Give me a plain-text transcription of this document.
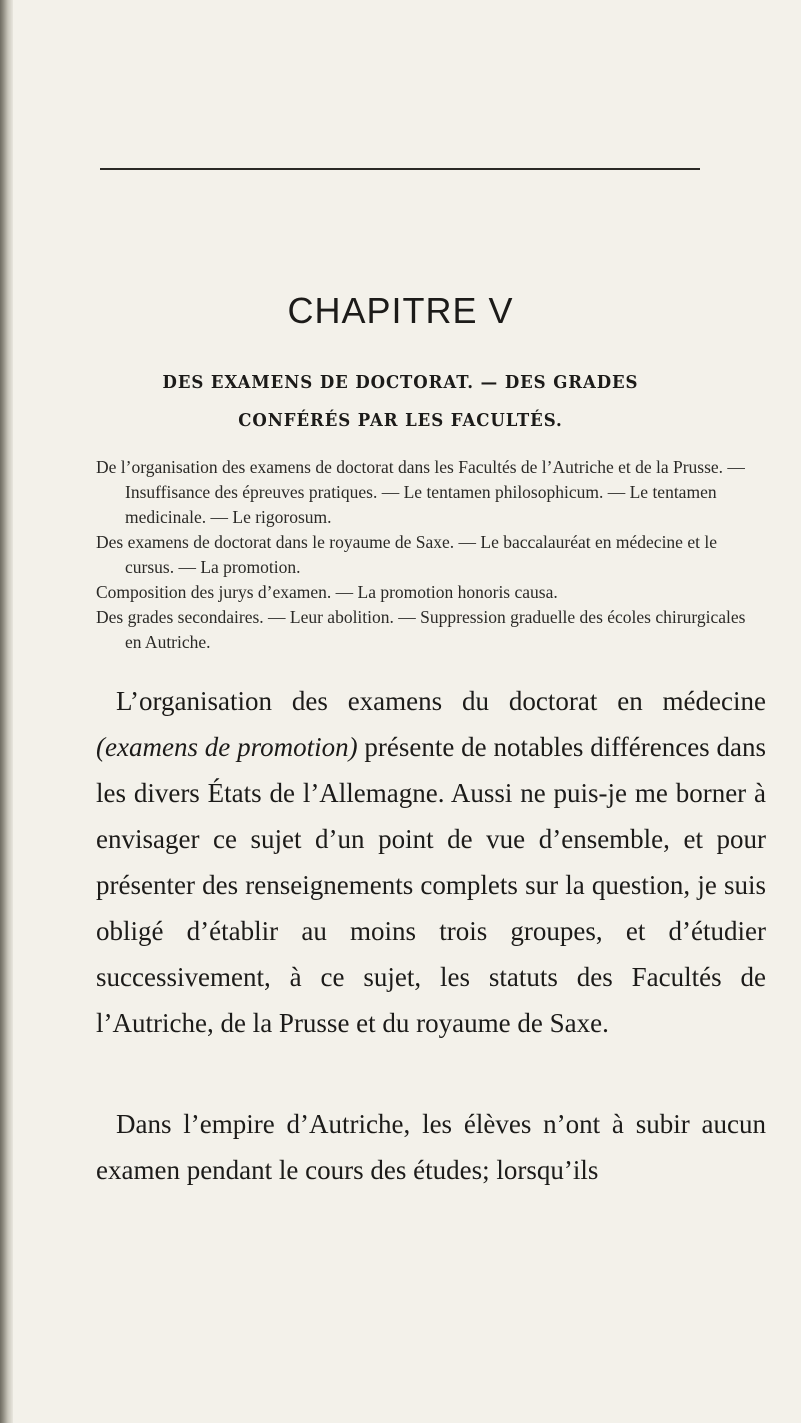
CHAPITRE V
DES EXAMENS DE DOCTORAT. — DES GRADES
CONFÉRÉS PAR LES FACULTÉS.

De l’organisation des examens de doctorat dans les Facultés de l’Autriche et de la Prusse. — Insuffisance des épreuves pratiques. — Le tentamen philosophicum. — Le tentamen medicinale. — Le rigorosum.

Des examens de doctorat dans le royaume de Saxe. — Le baccalauréat en médecine et le cursus. — La promotion.

Composition des jurys d’examen. — La promotion honoris causa.

Des grades secondaires. — Leur abolition. — Suppression graduelle des écoles chirurgicales en Autriche.

L’organisation des examens du doctorat en médecine (examens de promotion) présente de notables différences dans les divers États de l’Allemagne. Aussi ne puis-je me borner à envisager ce sujet d’un point de vue d’ensemble, et pour présenter des renseignements complets sur la question, je suis obligé d’établir au moins trois groupes, et d’étudier successivement, à ce sujet, les statuts des Facultés de l’Autriche, de la Prusse et du royaume de Saxe.

Dans l’empire d’Autriche, les élèves n’ont à subir aucun examen pendant le cours des études; lorsqu’ils
